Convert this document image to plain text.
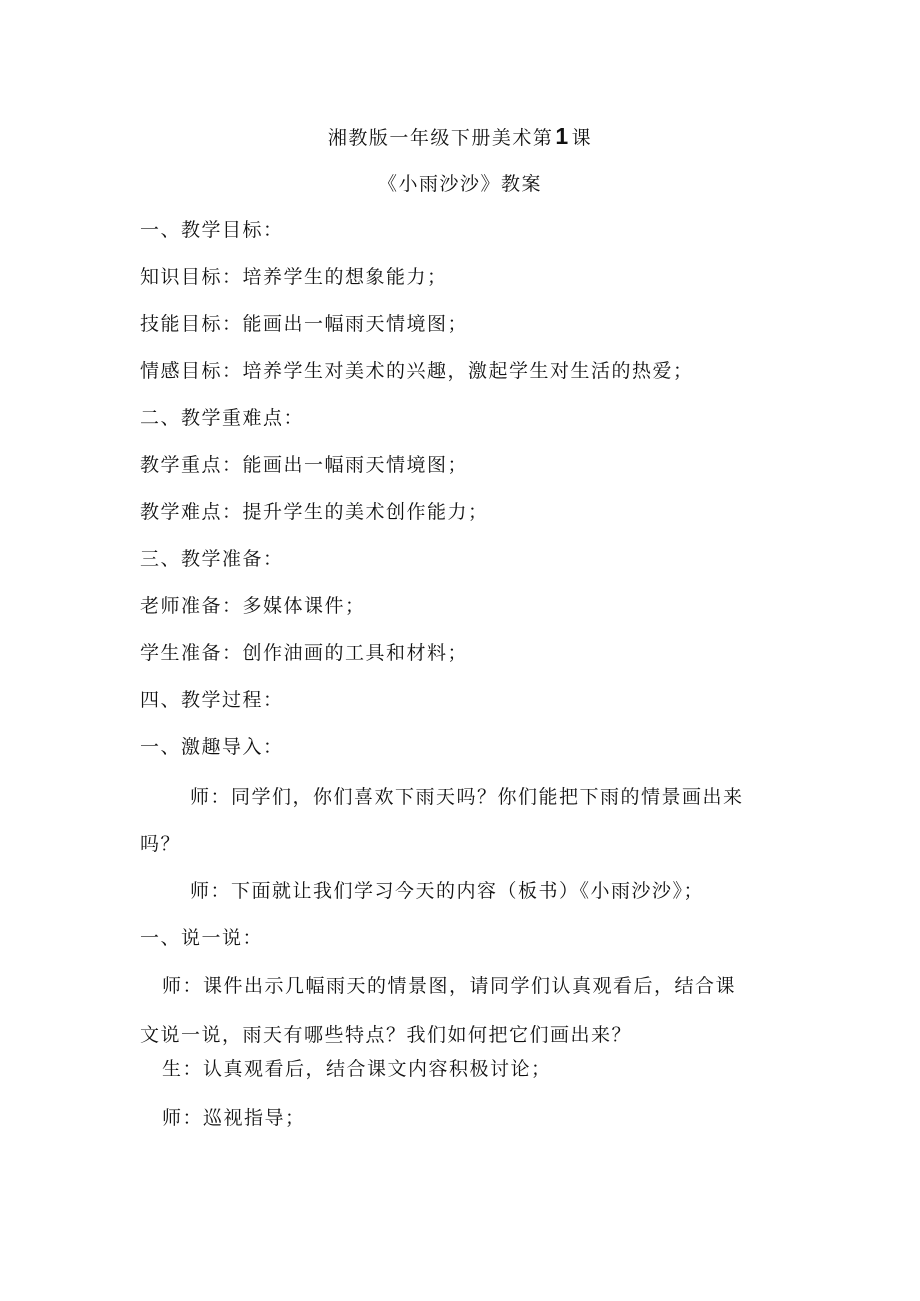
湘教版一年级下册美术第1 课
《小雨沙沙》教案
一、教学目标：
知识目标：培养学生的想象能力；
技能目标：能画出一幅雨天情境图；
情感目标：培养学生对美术的兴趣，激起学生对生活的热爱；
二、教学重难点：
教学重点：能画出一幅雨天情境图；
教学难点：提升学生的美术创作能力；
三、教学准备：
老师准备：多媒体课件；
学生准备：创作油画的工具和材料；
四、教学过程：
一、激趣导入：
师：同学们，你们喜欢下雨天吗？你们能把下雨的情景画出来
吗？
师：下面就让我们学习今天的内容（板书）《小雨沙沙》；
一、说一说：
师：课件出示几幅雨天的情景图，请同学们认真观看后，结合课
文说一说，雨天有哪些特点？我们如何把它们画出来？
生：认真观看后，结合课文内容积极讨论；
师：巡视指导；
